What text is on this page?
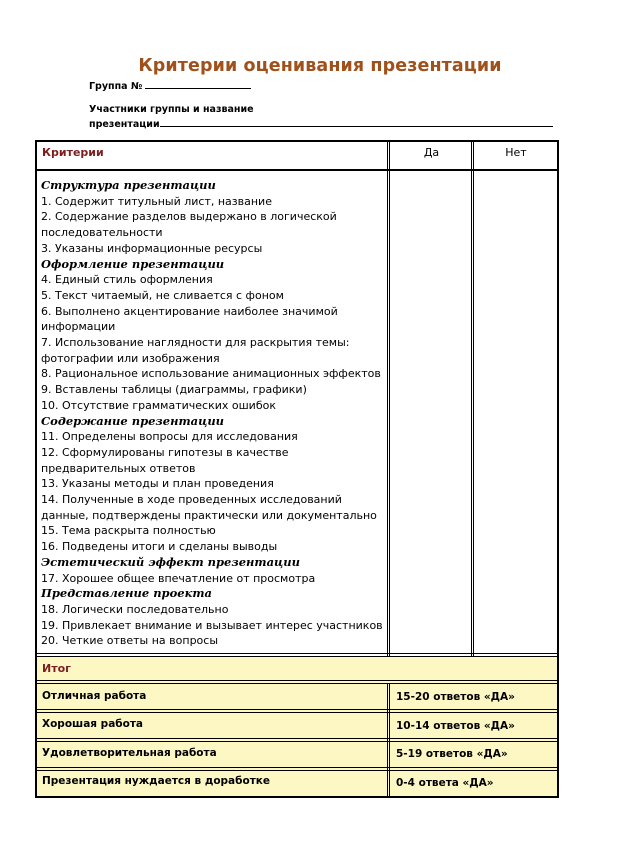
Критерии оценивания презентации
Группа №
Участники группы и название
презентации
Критерии	Да	Нет
Структура презентации
1. Содержит титульный лист, название
2. Содержание разделов выдержано в логической
последовательности
3. Указаны информационные ресурсы
Оформление презентации
4. Единый стиль оформления
5. Текст читаемый, не сливается с фоном
6. Выполнено акцентирование наиболее значимой
информации
7. Использование наглядности для раскрытия темы:
фотографии или изображения
8. Рациональное использование анимационных эффектов
9. Вставлены таблицы (диаграммы, графики)
10. Отсутствие грамматических ошибок
Содержание презентации
11. Определены вопросы для исследования
12. Сформулированы гипотезы в качестве
предварительных ответов
13. Указаны методы и план проведения
14. Полученные в ходе проведенных исследований
данные, подтверждены практически или документально
15. Тема раскрыта полностью
16. Подведены итоги и сделаны выводы
Эстетический эффект презентации
17. Хорошее общее впечатление от просмотра
Представление проекта
18. Логически последовательно
19. Привлекает внимание и вызывает интерес участников
20. Четкие ответы на вопросы
Итог
Отличная работа	15-20 ответов «ДА»
Хорошая работа	10-14 ответов «ДА»
Удовлетворительная работа	5-19 ответов «ДА»
Презентация нуждается в доработке	0-4 ответа «ДА»
